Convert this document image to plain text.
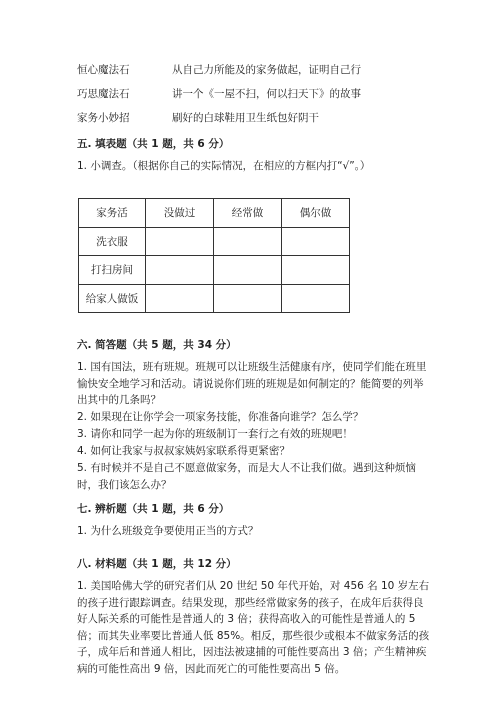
恒心魔法石	从自己力所能及的家务做起，证明自己行
巧思魔法石	讲一个《一屋不扫，何以扫天下》的故事
家务小妙招	刷好的白球鞋用卫生纸包好阴干
五. 填表题（共 1 题，共 6 分）
1. 小调查。（根据你自己的实际情况，在相应的方框内打“√”。）
家务活	没做过	经常做	偶尔做
洗衣服			
打扫房间			
给家人做饭			
六. 简答题（共 5 题，共 34 分）
1. 国有国法，班有班规。班规可以让班级生活健康有序，使同学们能在班里愉快安全地学习和活动。请说说你们班的班规是如何制定的？能简要的列举出其中的几条吗？
2. 如果现在让你学会一项家务技能，你准备向谁学？怎么学？
3. 请你和同学一起为你的班级制订一套行之有效的班规吧！
4. 如何让我家与叔叔家姨妈家联系得更紧密？
5. 有时候并不是自己不愿意做家务，而是大人不让我们做。遇到这种烦恼时，我们该怎么办？
七. 辨析题（共 1 题，共 6 分）
1. 为什么班级竞争要使用正当的方式？
八. 材料题（共 1 题，共 12 分）
1. 美国哈佛大学的研究者们从 20 世纪 50 年代开始，对 456 名 10 岁左右的孩子进行跟踪调查。结果发现，那些经常做家务的孩子，在成年后获得良好人际关系的可能性是普通人的 3 倍；获得高收入的可能性是普通人的 5 倍；而其失业率要比普通人低 85%。相反，那些很少或根本不做家务活的孩子，成年后和普通人相比，因违法被逮捕的可能性要高出 3 倍；产生精神疾病的可能性高出 9 倍，因此而死亡的可能性要高出 5 倍。
